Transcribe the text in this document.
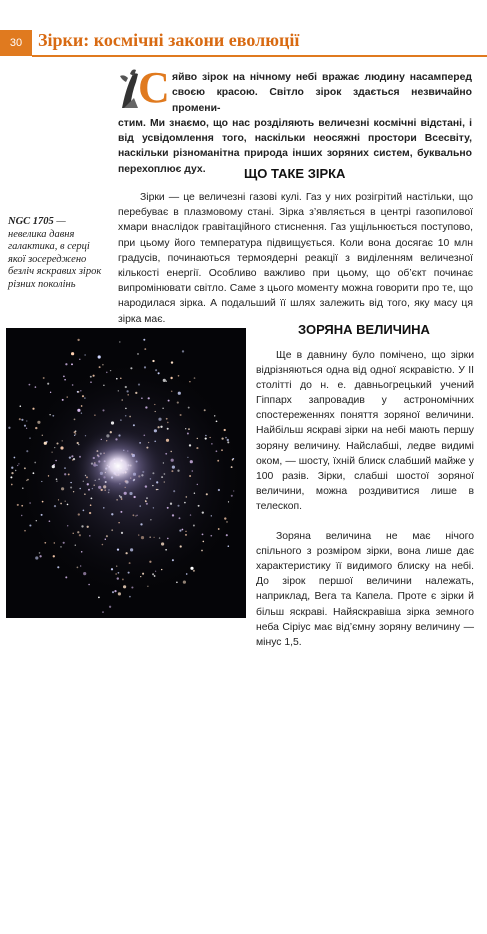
30 Зірки: космічні закони еволюції
С яйво зірок на нічному небі вражає людину насамперед своєю красою. Світло зірок здається незвичайно промени-

стим. Ми знаємо, що нас розділяють величезні космічні відстані, і від усвідомлення того, наскільки неосяжні простори Всесвіту, наскільки різноманітна природа інших зоряних систем, буквально перехоплює дух.	ЩО ТАКЕ ЗІРКА

Зірки — це величезні газові кулі. Газ у них розігрітий настільки, що перебуває в плазмовому стані. Зірка з’являється в центрі газопилової хмари внаслідок гравітаційного стиснення. Газ ущільнюється поступово, при цьому його температура підвищується. Коли вона досягає 10 млн градусів, починаються термоядерні реакції з виділенням величезної кількості енергії. Особливо важливо при цьому, що об’єкт починає випромінювати світло. Саме з цього моменту можна говорити про те, що народилася зірка. А подальший її шлях залежить від того, яку масу ця зірка має.

NGC 1705 — невелика давня галактика, в серці якої зосереджено безліч яскравих зірок різних поколінь
NASA, ESA and the Hubble Heritage Team (STScI/AURA)
ЗОРЯНА ВЕЛИЧИНА

Ще в давнину було помічено, що зірки відрізняються одна від одної яскравістю. У ІІ столітті до н. е. давньогрецький учений Гіппарх запровадив у астрономічних спостереженнях поняття зоряної величини. Найбільш яскраві зірки на небі мають першу зоряну величину. Найслабші, ледве видимі оком, — шосту, їхній блиск слабший майже у 100 разів. Зірки, слабші шостої зоряної величини, можна роздивитися лише в телескоп.

Зоряна величина не має нічого спільного з розміром зірки, вона лише дає характеристику її видимого блиску на небі. До зірок першої величини належать, наприклад, Вега та Капела. Проте є зірки й більш яскраві. Найяскравіша зірка земного неба Сіріус має від’ємну зоряну величину — мінус 1,5.
